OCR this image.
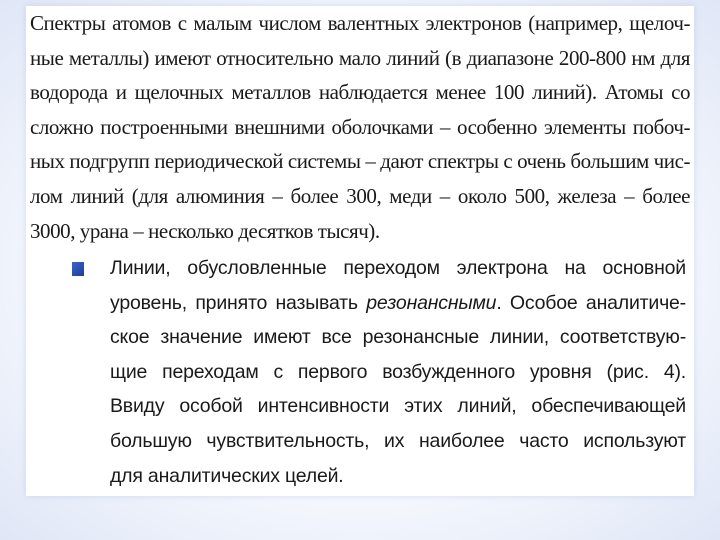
Спектры атомов с малым числом валентных электронов (например, щелоч-
ные металлы) имеют относительно мало линий (в диапазоне 200-800 нм для
водорода и щелочных металлов наблюдается менее 100 линий). Атомы со
сложно построенными внешними оболочками – особенно элементы побоч-
ных подгрупп периодической системы – дают спектры с очень большим чис-
лом линий (для алюминия – более 300, меди – около 500, железа – более
3000, урана – несколько десятков тысяч).

Линии, обусловленные переходом электрона на основной
уровень, принято называть резонансными. Особое аналитиче-
ское значение имеют все резонансные линии, соответствую-
щие переходам с первого возбужденного уровня (рис. 4).
Ввиду особой интенсивности этих линий, обеспечивающей
большую чувствительность, их наиболее часто используют
для аналитических целей.
